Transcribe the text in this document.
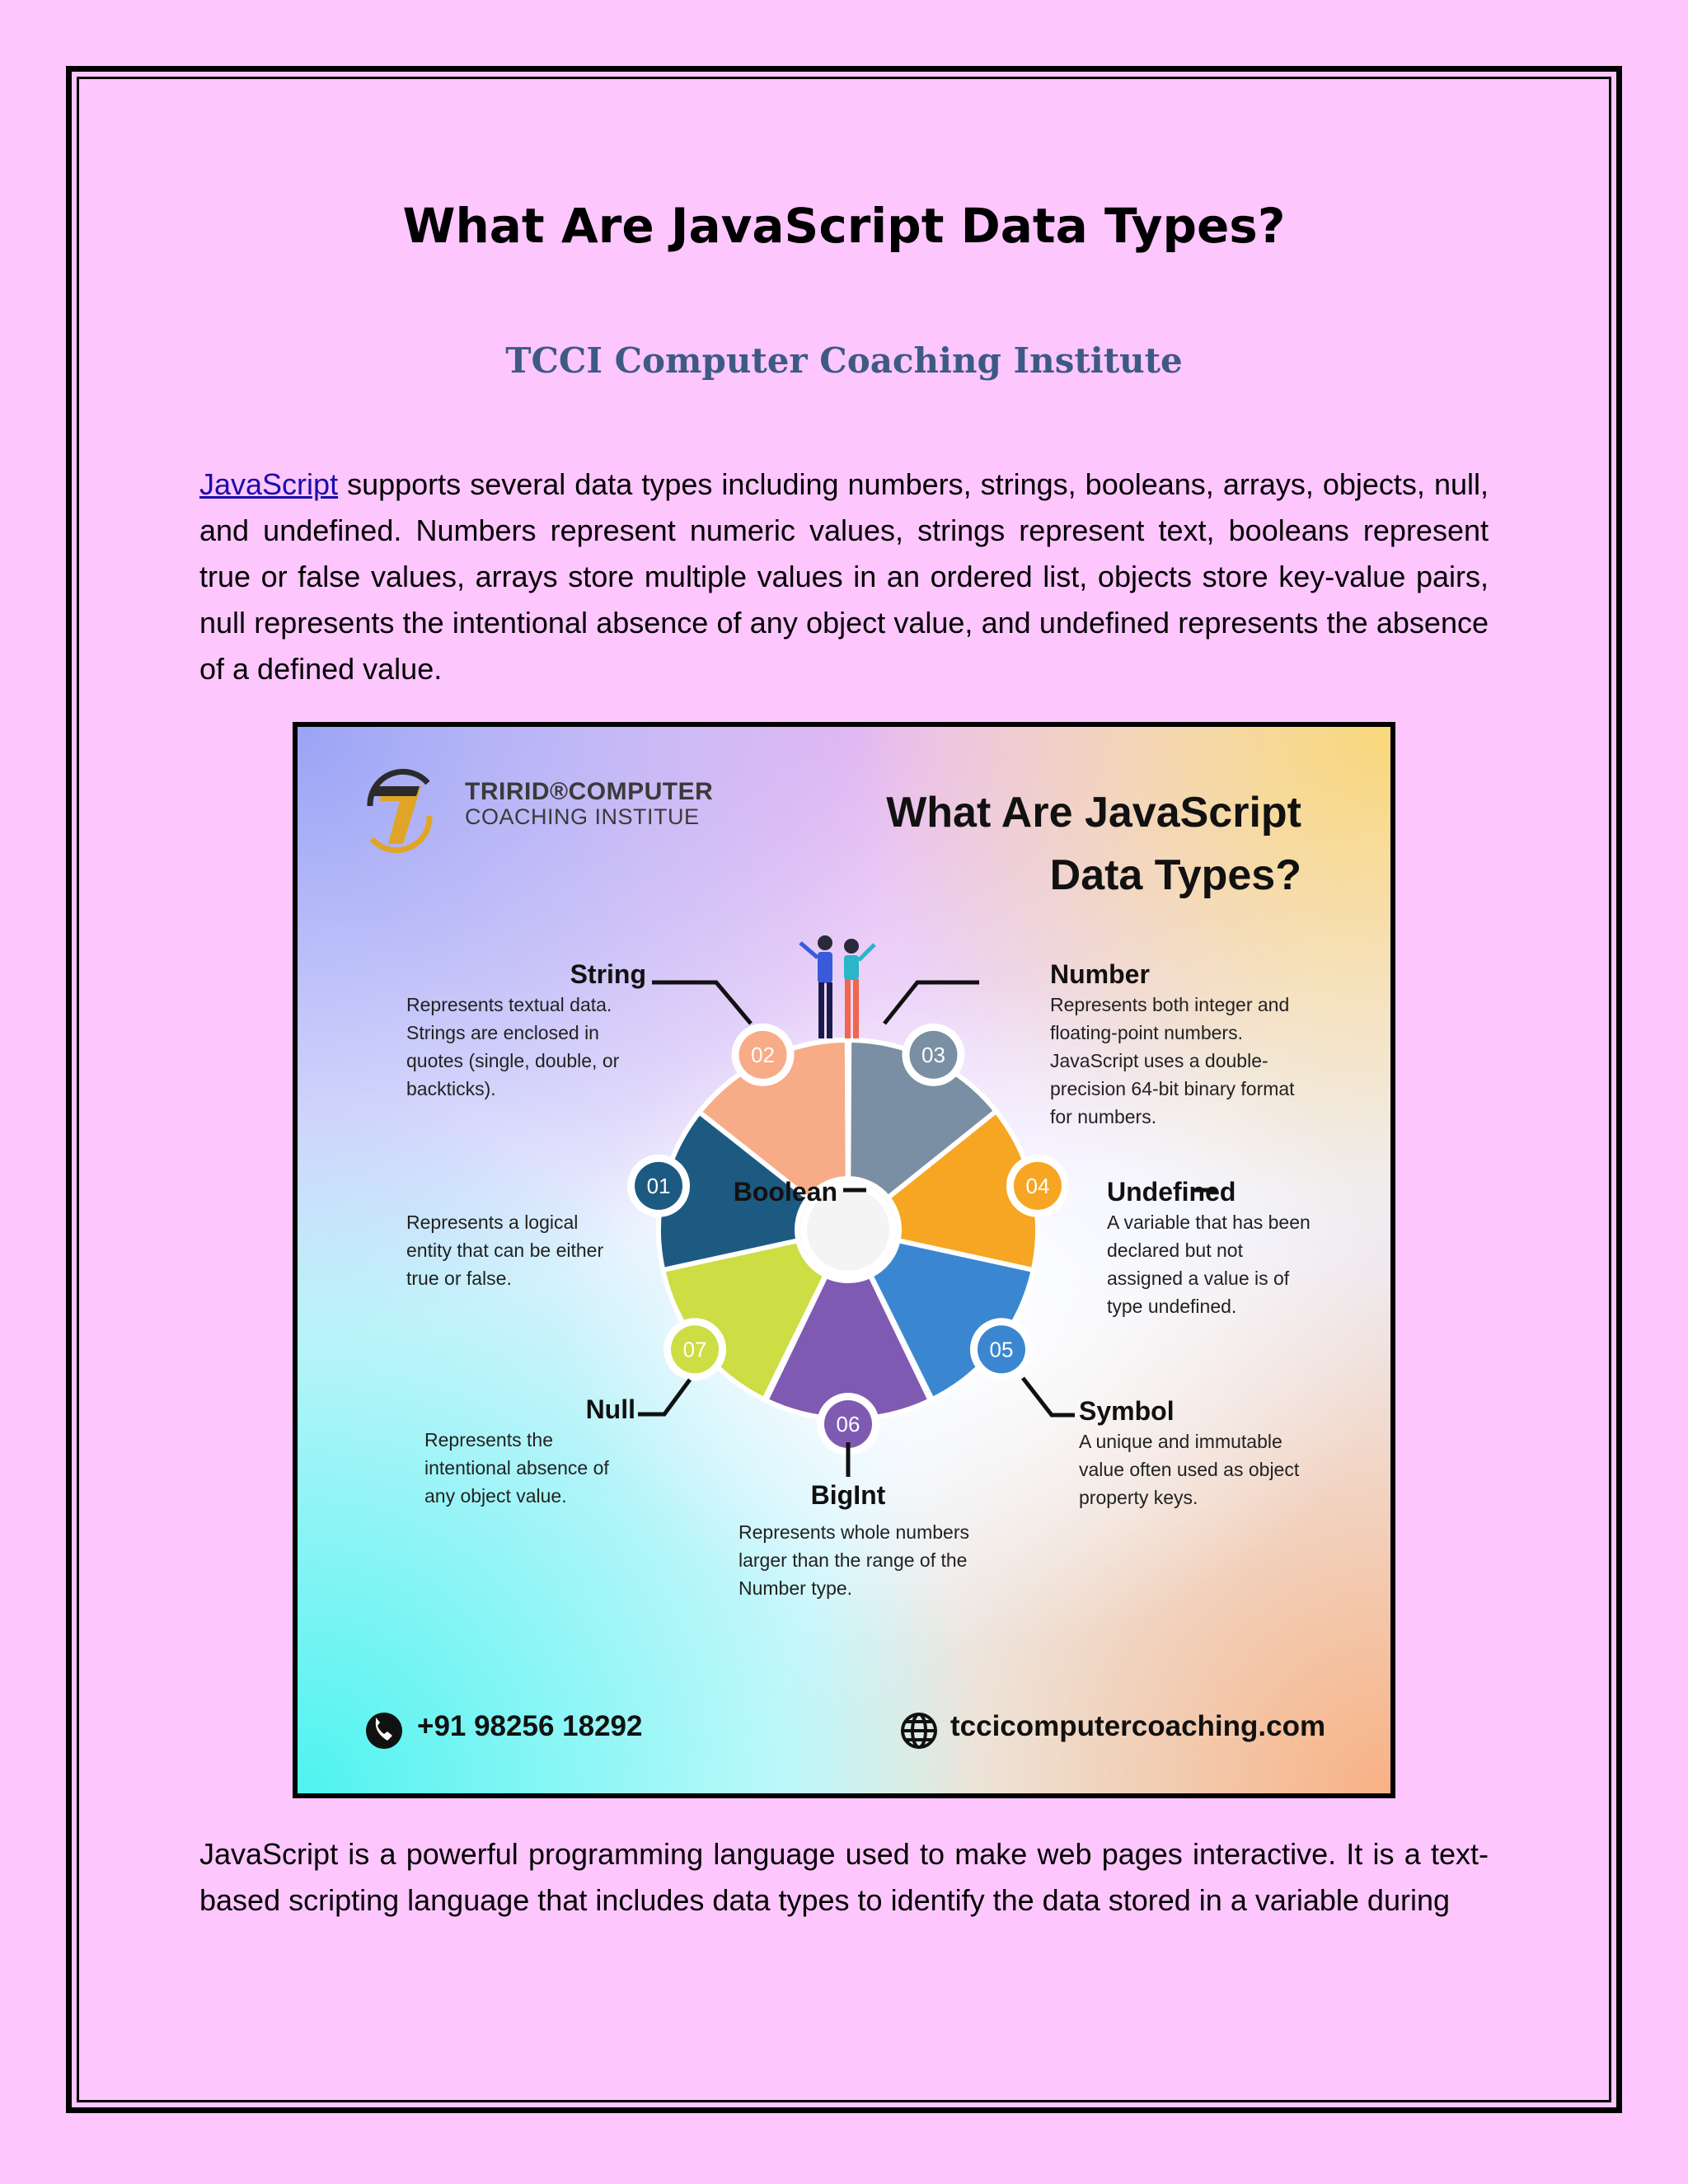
What Are JavaScript Data Types?
TCCI Computer Coaching Institute

JavaScript supports several data types including numbers, strings, booleans, arrays, objects, null, and undefined. Numbers represent numeric values, strings represent text, booleans represent true or false values, arrays store multiple values in an ordered list, objects store key-value pairs, null represents the intentional absence of any object value, and undefined represents the absence of a defined value.

01
02	03
04
05
06
07
TRIRID®COMPUTER
COACHING INSTITUE	What Are JavaScript
Data Types?
String
Represents textual data.
Strings are enclosed in
quotes (single, double, or
backticks).
Number
Represents both integer and
floating-point numbers.
JavaScript uses a double-
precision 64-bit binary format
for numbers.
Boolean
Represents a logical
entity that can be either
true or false.
Undefined
A variable that has been
declared but not
assigned a value is of
type undefined.
Null
Represents the
intentional absence of
any object value.
Symbol
A unique and immutable
value often used as object
property keys.
BigInt
Represents whole numbers
larger than the range of the
Number type.
+91 98256 18292	tccicomputercoaching.com

JavaScript is a powerful programming language used to make web pages interactive. It is a text-based scripting language that includes data types to identify the data stored in a variable during
